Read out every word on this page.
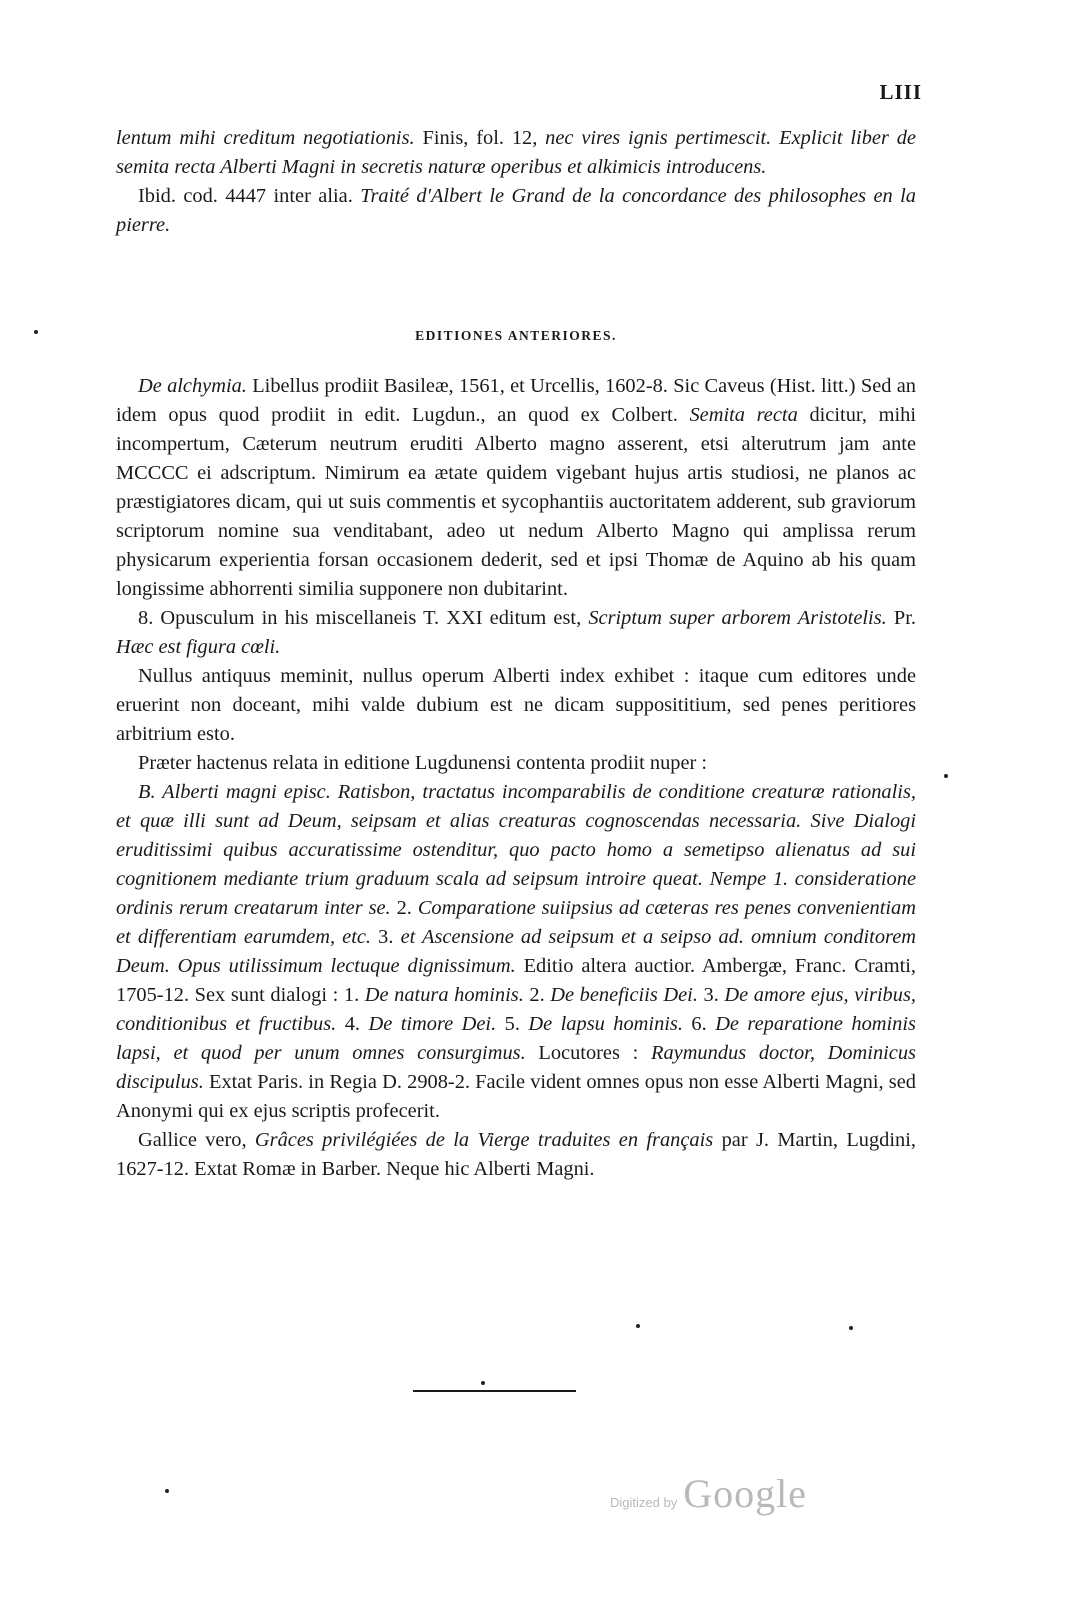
LIII

lentum mihi creditum negotiationis. Finis, fol. 12, nec vires ignis pertimescit. Explicit liber de semita recta Alberti Magni in secretis naturæ operibus et alkimicis introducens.

Ibid. cod. 4447 inter alia. Traité d'Albert le Grand de la concordance des philosophes en la pierre.

EDITIONES ANTERIORES.

De alchymia. Libellus prodiit Basileæ, 1561, et Urcellis, 1602-8. Sic Caveus (Hist. litt.) Sed an idem opus quod prodiit in edit. Lugdun., an quod ex Colbert. Semita recta dicitur, mihi incompertum, Cæterum neutrum eruditi Alberto magno asserent, etsi alterutrum jam ante MCCCC ei adscriptum. Nimirum ea ætate quidem vigebant hujus artis studiosi, ne planos ac præstigiatores dicam, qui ut suis commentis et sycophantiis auctoritatem adderent, sub graviorum scriptorum nomine sua venditabant, adeo ut nedum Alberto Magno qui amplissa rerum physicarum experientia forsan occasionem dederit, sed et ipsi Thomæ de Aquino ab his quam longissime abhorrenti similia supponere non dubitarint.

8. Opusculum in his miscellaneis T. XXI editum est, Scriptum super arborem Aristotelis. Pr. Hæc est figura cœli.

Nullus antiquus meminit, nullus operum Alberti index exhibet : itaque cum editores unde eruerint non doceant, mihi valde dubium est ne dicam supposititium, sed penes peritiores arbitrium esto.

Præter hactenus relata in editione Lugdunensi contenta prodiit nuper :

B. Alberti magni episc. Ratisbon, tractatus incomparabilis de conditione creaturæ rationalis, et quæ illi sunt ad Deum, seipsam et alias creaturas cognoscendas necessaria. Sive Dialogi eruditissimi quibus accuratissime ostenditur, quo pacto homo a semetipso alienatus ad sui cognitionem mediante trium graduum scala ad seipsum introire queat. Nempe 1. consideratione ordinis rerum creatarum inter se. 2. Comparatione suiipsius ad cæteras res penes convenientiam et differentiam earumdem, etc. 3. et Ascensione ad seipsum et a seipso ad. omnium conditorem Deum. Opus utilissimum lectuque dignissimum. Editio altera auctior. Ambergæ, Franc. Cramti, 1705-12. Sex sunt dialogi : 1. De natura hominis. 2. De beneficiis Dei. 3. De amore ejus, viribus, conditionibus et fructibus. 4. De timore Dei. 5. De lapsu hominis. 6. De reparatione hominis lapsi, et quod per unum omnes consurgimus. Locutores : Raymundus doctor, Dominicus discipulus. Extat Paris. in Regia D. 2908-2. Facile vident omnes opus non esse Alberti Magni, sed Anonymi qui ex ejus scriptis profecerit.

Gallice vero, Grâces privilégiées de la Vierge traduites en français par J. Martin, Lugdini, 1627-12. Extat Romæ in Barber. Neque hic Alberti Magni.

Digitized by Google
